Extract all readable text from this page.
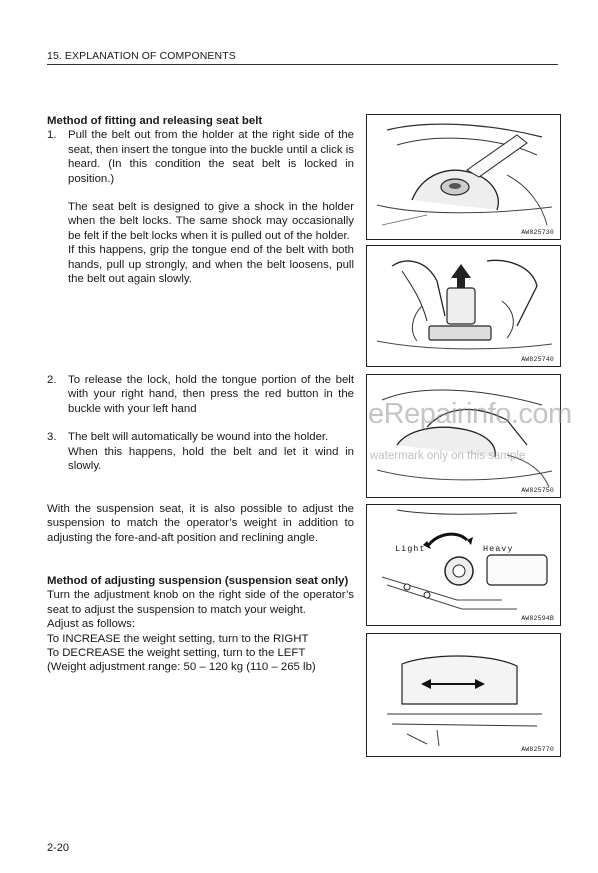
15. EXPLANATION OF COMPONENTS

Method of fitting and releasing seat belt

1.	Pull the belt out from the holder at the right side of the seat, then insert the tongue into the buckle until a click is heard. (In this condition the seat belt is locked in position.)

The seat belt is designed to give a shock in the holder when the belt locks. The same shock may occasionally be felt if the belt locks when it is pulled out of the holder.

If this happens, grip the tongue end of the belt with both hands, pull up strongly, and when the belt loosens, pull the belt out again slowly.

2.	To release the lock, hold the tongue portion of the belt with your right hand, then press the red button in the buckle with your left hand
3.	The belt will automatically be wound into the holder.

When this happens, hold the belt and let it wind in slowly.

With the suspension seat, it is also possible to adjust the suspension to match the operator’s weight in addition to adjusting the fore-and-aft position and reclining angle.

Method of adjusting suspension (suspension seat only)

Turn the adjustment knob on the right side of the operator’s seat to adjust the suspension to match your weight.

Adjust as follows:

To INCREASE the weight setting, turn to the RIGHT

To DECREASE the weight setting, turn to the LEFT

(Weight adjustment range: 50 – 120 kg (110 – 265 lb)

AW825730
AW825740
AW825750
Light	Heavy
AW82594B
AW825770
eRepairinfo.com
watermark only on this sample
2-20
